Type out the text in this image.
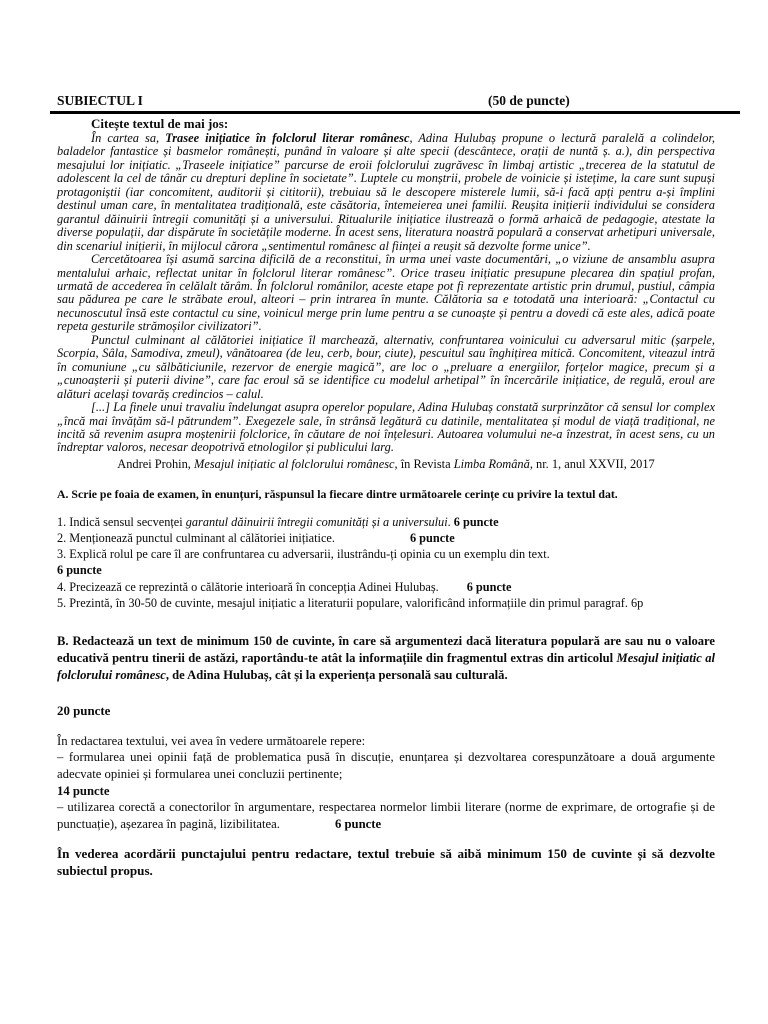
SUBIECTUL I	(50 de puncte)
Citește textul de mai jos:

În cartea sa, Trasee inițiatice în folclorul literar românesc, Adina Hulubaș propune o lectură paralelă a colindelor, baladelor fantastice și basmelor românești, punând în valoare și alte specii (descântece, orații de nuntă ș. a.), din perspectiva mesajului lor inițiatic. „Traseele inițiatice” parcurse de eroii folclorului zugrăvesc în limbaj artistic „trecerea de la statutul de adolescent la cel de tânăr cu drepturi depline în societate”. Luptele cu monștrii, probele de voinicie și istețime, la care sunt supuși protagoniștii (iar concomitent, auditorii și cititorii), trebuiau să le descopere misterele lumii, să-i facă apți pentru a-și împlini destinul uman care, în mentalitatea tradițională, este căsătoria, întemeierea unei familii. Reușita inițierii individului se considera garantul dăinuirii întregii comunități și a universului. Ritualurile inițiatice ilustrează o formă arhaică de pedagogie, atestate la diverse populații, dar dispărute în societățile moderne. În acest sens, literatura noastră populară a conservat arhetipuri universale, din scenariul inițierii, în mijlocul cărora „sentimentul românesc al ființei a reușit să dezvolte forme unice”.

Cercetătoarea își asumă sarcina dificilă de a reconstitui, în urma unei vaste documentări, „o viziune de ansamblu asupra mentalului arhaic, reflectat unitar în folclorul literar românesc”. Orice traseu inițiatic presupune plecarea din spațiul profan, urmată de accederea în celălalt tărâm. În folclorul românilor, aceste etape pot fi reprezentate artistic prin drumul, pustiul, câmpia sau pădurea pe care le străbate eroul, alteori – prin intrarea în munte. Călătoria sa e totodată una interioară: „Contactul cu necunoscutul însă este contactul cu sine, voinicul merge prin lume pentru a se cunoaște și pentru a dovedi că este ales, adică poate repeta gesturile strămoșilor civilizatori”.

Punctul culminant al călătoriei inițiatice îl marchează, alternativ, confruntarea voinicului cu adversarul mitic (șarpele, Scorpia, Sâla, Samodiva, zmeul), vânătoarea (de leu, cerb, bour, ciute), pescuitul sau înghițirea mitică. Concomitent, viteazul intră în comuniune „cu sălbăticiunile, rezervor de energie magică”, are loc o „preluare a energiilor, forțelor magice, precum și a „cunoașterii și puterii divine”, care fac eroul să se identifice cu modelul arhetipal” în încercările inițiatice, de regulă, eroul are alături același tovarăș credincios – calul.

[...] La finele unui travaliu îndelungat asupra operelor populare, Adina Hulubaș constată surprinzător că sensul lor complex „încă mai învățăm să-l pătrundem”. Exegezele sale, în strânsă legătură cu datinile, mentalitatea și modul de viață tradițional, ne incită să revenim asupra moștenirii folclorice, în căutare de noi înțelesuri. Autoarea volumului ne-a înzestrat, în acest sens, cu un îndreptar valoros, necesar deopotrivă etnologilor și publicului larg.

Andrei Prohin, Mesajul inițiatic al folclorului românesc, în Revista Limba Română, nr. 1, anul XXVII, 2017
A. Scrie pe foaia de examen, în enunțuri, răspunsul la fiecare dintre următoarele cerințe cu privire la textul dat.
1. Indică sensul secvenței garantul dăinuirii întregii comunități și a universului. 6 puncte
2. Menționează punctul culminant al călătoriei inițiatice.	6 puncte
3. Explică rolul pe care îl are confruntarea cu adversarii, ilustrându-ți opinia cu un exemplu din text.
6 puncte
4. Precizează ce reprezintă o călătorie interioară în concepția Adinei Hulubaș. 6 puncte
5. Prezintă, în 30-50 de cuvinte, mesajul inițiatic a literaturii populare, valorificând informațiile din primul paragraf. 6p
B. Redactează un text de minimum 150 de cuvinte, în care să argumentezi dacă literatura populară are sau nu o valoare educativă pentru tinerii de astăzi, raportându-te atât la informațiile din fragmentul extras din articolul Mesajul inițiatic al folclorului românesc, de Adina Hulubaș, cât și la experiența personală sau culturală.
20 puncte
În redactarea textului, vei avea în vedere următoarele repere:
– formularea unei opinii față de problematica pusă în discuție, enunțarea și dezvoltarea corespunzătoare a două argumente adecvate opiniei și formularea unei concluzii pertinente;
14 puncte
– utilizarea corectă a conectorilor în argumentare, respectarea normelor limbii literare (norme de exprimare, de ortografie și de punctuație), așezarea în pagină, lizibilitatea.	6 puncte
În vederea acordării punctajului pentru redactare, textul trebuie să aibă minimum 150 de cuvinte și să dezvolte subiectul propus.
